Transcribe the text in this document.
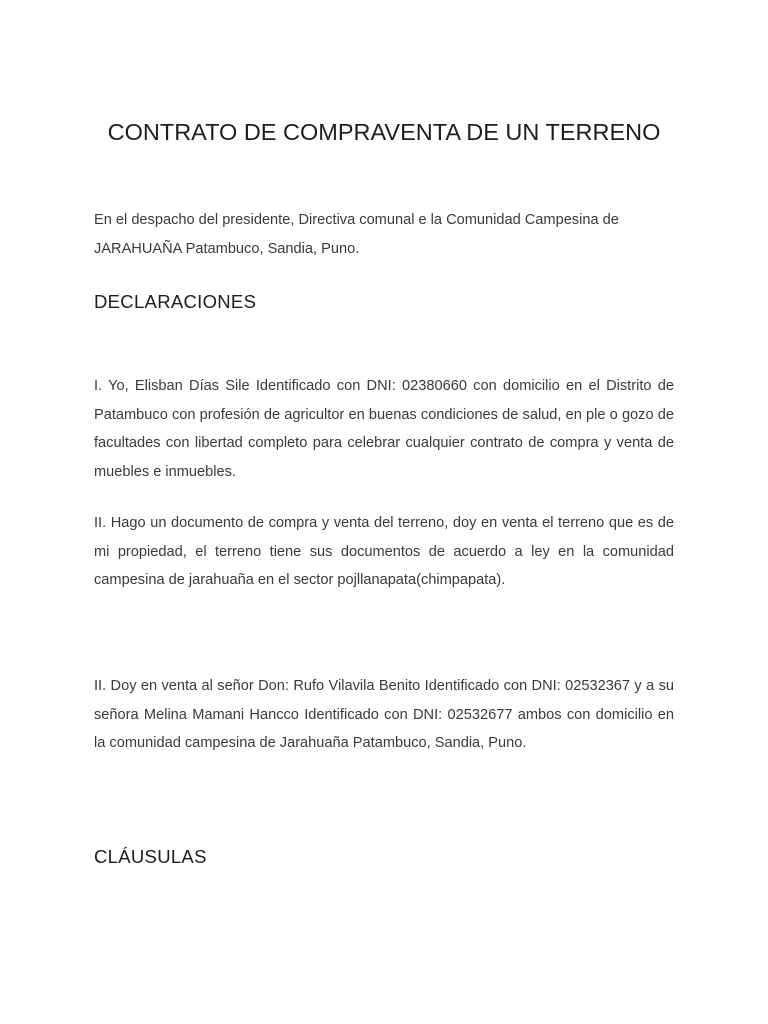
CONTRATO DE COMPRAVENTA DE UN TERRENO

En el despacho del presidente, Directiva comunal e la Comunidad Campesina de JARAHUAÑA Patambuco, Sandia, Puno.

DECLARACIONES

I. Yo, Elisban Días Sile Identificado con DNI: 02380660 con domicilio en el Distrito de Patambuco con profesión de agricultor en buenas condiciones de salud, en ple o gozo de facultades con libertad completo para celebrar cualquier contrato de compra y venta de muebles e inmuebles.

II. Hago un documento de compra y venta del terreno, doy en venta el terreno que es de mi propiedad, el terreno tiene sus documentos de acuerdo a ley en la comunidad campesina de jarahuaña en el sector pojllanapata(chimpapata).

II. Doy en venta al señor Don: Rufo Vilavila Benito Identificado con DNI: 02532367 y a su señora Melina Mamani Hancco Identificado con DNI: 02532677 ambos con domicilio en la comunidad campesina de Jarahuaña Patambuco, Sandia, Puno.

CLÁUSULAS
